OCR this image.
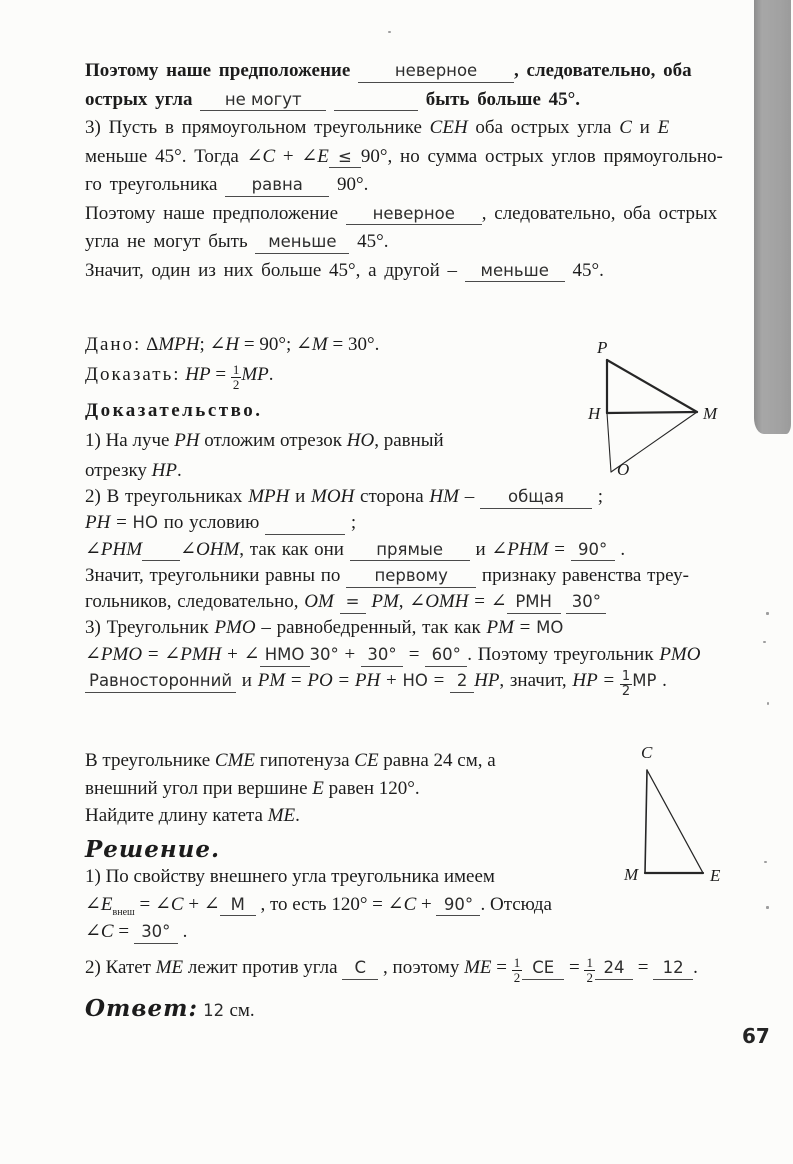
Поэтому наше предположение неверное , следовательно, оба
острых угла не могут	быть больше 45°.
3) Пусть в прямоугольном треугольнике CEH оба острых угла C и E
меньше 45°. Тогда ∠C + ∠E ≤ 90°, но сумма острых углов прямоугольно-
го треугольника равна 90°.
Поэтому наше предположение неверное , следовательно, оба острых
угла не могут быть меньше 45°.
Значит, один из них больше 45°, а другой – меньше 45°.
Дано: ΔMPH; ∠H = 90°; ∠M = 30°.
Доказать: HP = $\frac{1}{2}$ MP.
Доказательство.
1) На луче PH отложим отрезок HO, равный
отрезку HP.
2) В треугольниках MPH и MOH сторона HM – общая ;
PH = HO по условию	;
∠PHM ∠OHM, так как они прямые и ∠PHM = 90° .
Значит, треугольники равны по первому признаку равенства треу-
гольников, следовательно, OM = PM, ∠OMH = ∠ PMH 30°
3) Треугольник PMO – равнобедренный, так как PM = MO
∠PMO = ∠PMH + ∠ HMO 30° + 30° = 60° . Поэтому треугольник PMO
Равносторонний и PM = PO = PH + HO = 2 HP, значит, HP = $\frac{1}{2}$ MP .
В треугольнике CME гипотенуза CE равна 24 см, а
внешний угол при вершине E равен 120°.
Найдите длину катета ME.
Решение.
1) По свойству внешнего угла треугольника имеем
$\angle E_{внеш}$ = ∠C + ∠ M , то есть 120° = ∠C + 90° . Отсюда
∠C = 30° .
2) Катет ME лежит против угла C , поэтому ME = $\frac{1}{2}$ CE = $\frac{1}{2} 24 = 12$ .
Ответ: 12 см.
P
H	M
O
C
M	E
67
